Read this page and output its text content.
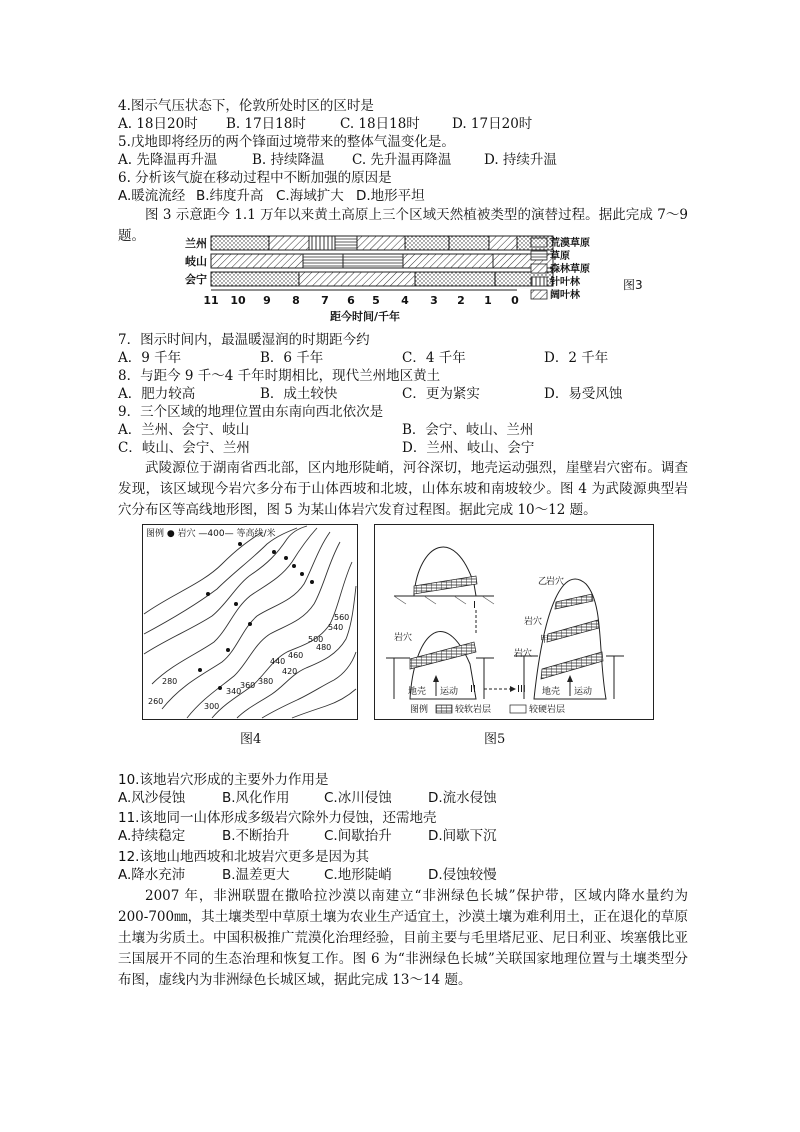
4.图示气压状态下，伦敦所处时区的区时是
A. 18日20时 B. 17日18时	C. 18日18时 D. 17日20时
5.戊地即将经历的两个锋面过境带来的整体气温变化是。
A. 先降温再升温	B. 持续降温 C. 先升温再降温 D. 持续升温
6. 分析该气旋在移动过程中不断加强的原因是
A.暖流流经 B.纬度升高 C.海域扩大 D.地形平坦
图 3 示意距今 1.1 万年以来黄土高原上三个区域天然植被类型的演替过程。据此完成 7～9 题。	兰州
岐山
会宁
11 10 9 8 7 6 5 4 3 2 1 0
距今时间/千年
荒漠草原
草原
森林草原
针叶林
阔叶林
图3
7．图示时间内，最温暖湿润的时期距今约
A．9 千年	B．6 千年	C．4 千年	D．2 千年
8．与距今 9 千～4 千年时期相比，现代兰州地区黄土
A．肥力较高	B．成土较快	C．更为紧实	D．易受风蚀
9．三个区域的地理位置由东南向西北依次是
A．兰州、会宁、岐山	B．会宁、岐山、兰州
C．岐山、会宁、兰州	D．兰州、岐山、会宁
武陵源位于湖南省西北部，区内地形陡峭，河谷深切，地壳运动强烈，崖壁岩穴密布。调查发现，该区域现今岩穴多分布于山体西坡和北坡，山体东坡和南坡较少。图 4 为武陵源典型岩穴分布区等高线地形图，图 5 为某山体岩穴发育过程图。据此完成 10～12 题。
图例 ● 岩穴 —400— 等高线/米
260
280
300
340
360 380
420
440
460
480
500
540
560
图4
岩穴
I
II	III
乙
岩穴
岩穴
甲
岩穴
地壳 运动	地壳 运动
图例	较软岩层	较硬岩层
图5
10.该地岩穴形成的主要外力作用是
A.风沙侵蚀	B.风化作用	C.冰川侵蚀	D.流水侵蚀
11.该地同一山体形成多级岩穴除外力侵蚀，还需地壳
A.持续稳定	B.不断抬升	C.间歇抬升	D.间歇下沉
12.该地山地西坡和北坡岩穴更多是因为其
A.降水充沛	B.温差更大	C.地形陡峭	D.侵蚀较慢
2007 年，非洲联盟在撒哈拉沙漠以南建立“非洲绿色长城”保护带，区域内降水量约为 200-700㎜，其土壤类型中草原土壤为农业生产适宜土，沙漠土壤为难利用土，正在退化的草原土壤为劣质土。中国积极推广荒漠化治理经验，目前主要与毛里塔尼亚、尼日利亚、埃塞俄比亚三国展开不同的生态治理和恢复工作。图 6 为“非洲绿色长城”关联国家地理位置与土壤类型分布图，虚线内为非洲绿色长城区域，据此完成 13～14 题。
